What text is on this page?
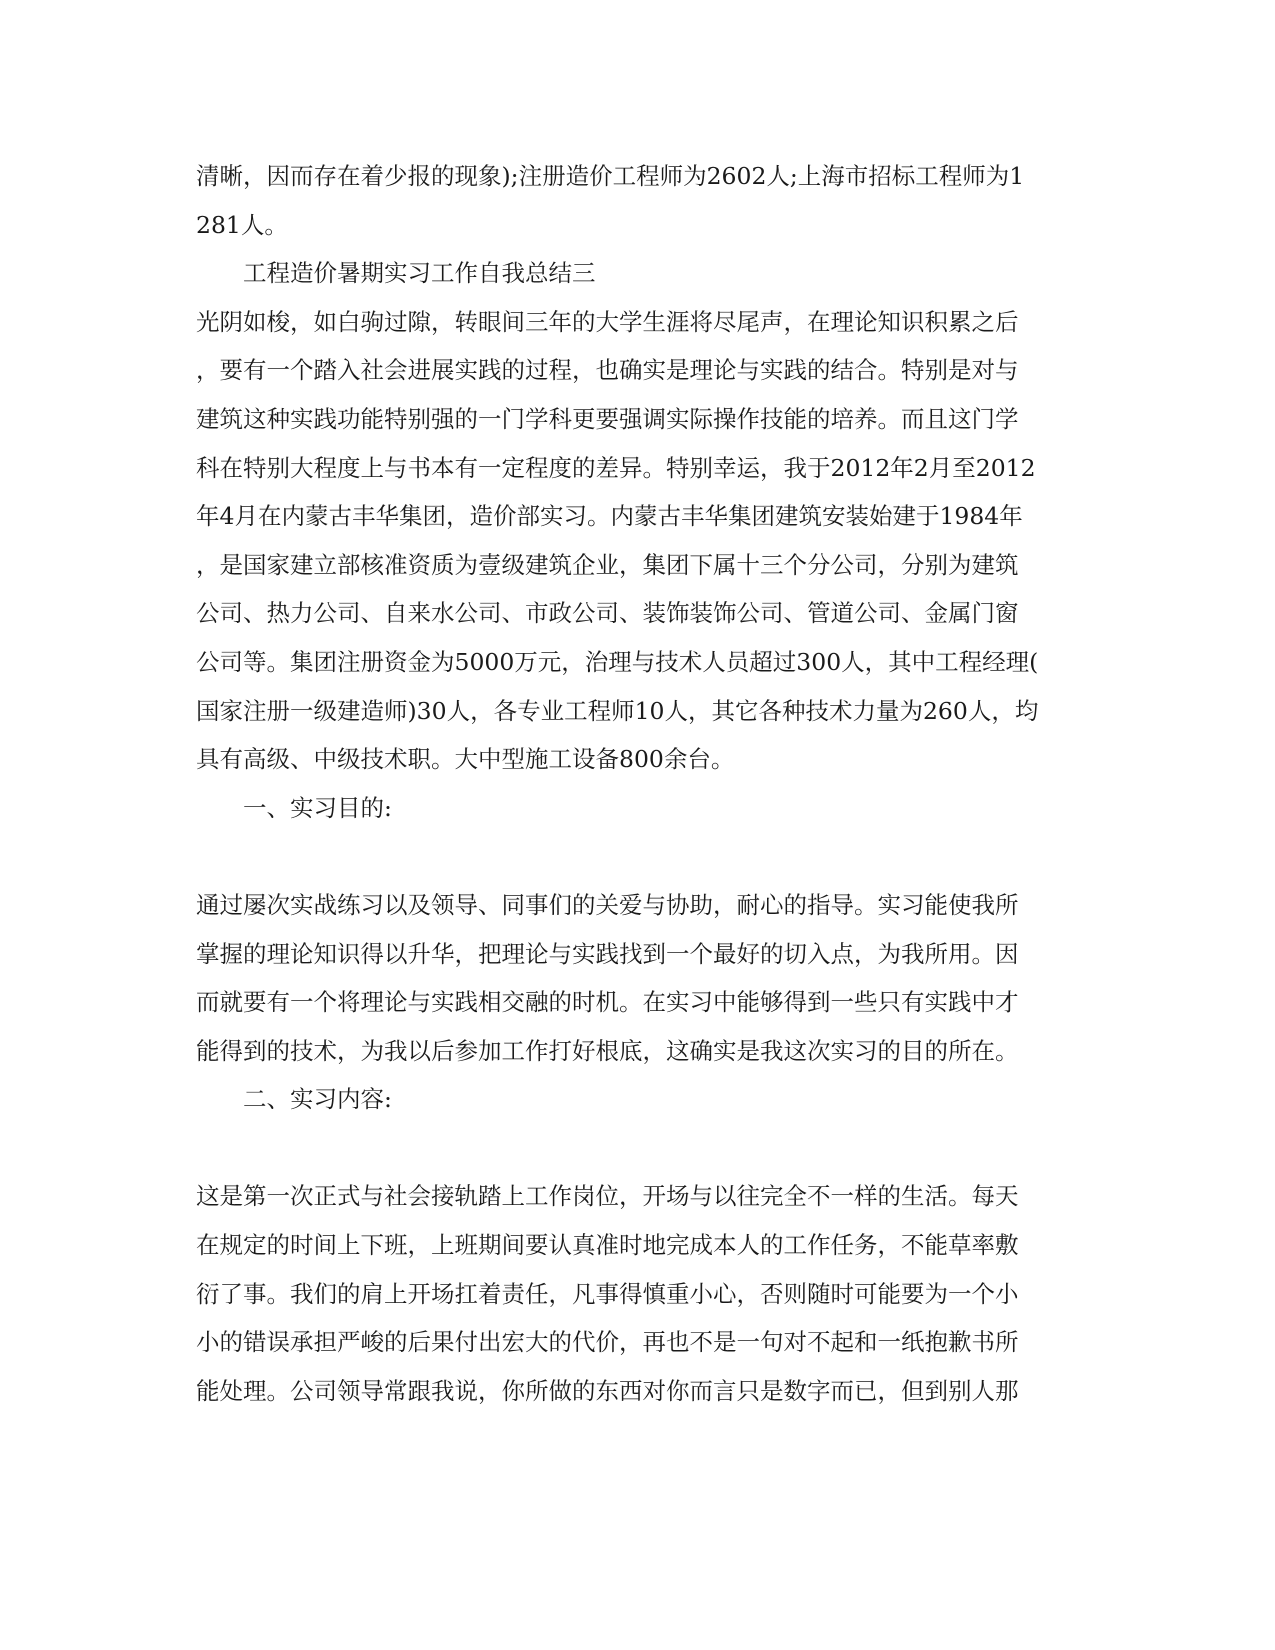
清晰，因而存在着少报的现象);注册造价工程师为2602人;上海市招标工程师为1
281人。
工程造价暑期实习工作自我总结三
光阴如梭，如白驹过隙，转眼间三年的大学生涯将尽尾声，在理论知识积累之后
，要有一个踏入社会进展实践的过程，也确实是理论与实践的结合。特别是对与
建筑这种实践功能特别强的一门学科更要强调实际操作技能的培养。而且这门学
科在特别大程度上与书本有一定程度的差异。特别幸运，我于2012年2月至2012
年4月在内蒙古丰华集团，造价部实习。内蒙古丰华集团建筑安装始建于1984年
，是国家建立部核准资质为壹级建筑企业，集团下属十三个分公司，分别为建筑
公司、热力公司、自来水公司、市政公司、装饰装饰公司、管道公司、金属门窗
公司等。集团注册资金为5000万元，治理与技术人员超过300人，其中工程经理(
国家注册一级建造师)30人，各专业工程师10人，其它各种技术力量为260人，均
具有高级、中级技术职。大中型施工设备800余台。
一、实习目的:
通过屡次实战练习以及领导、同事们的关爱与协助，耐心的指导。实习能使我所
掌握的理论知识得以升华，把理论与实践找到一个最好的切入点，为我所用。因
而就要有一个将理论与实践相交融的时机。在实习中能够得到一些只有实践中才
能得到的技术，为我以后参加工作打好根底，这确实是我这次实习的目的所在。
二、实习内容:
这是第一次正式与社会接轨踏上工作岗位，开场与以往完全不一样的生活。每天
在规定的时间上下班，上班期间要认真准时地完成本人的工作任务，不能草率敷
衍了事。我们的肩上开场扛着责任，凡事得慎重小心，否则随时可能要为一个小
小的错误承担严峻的后果付出宏大的代价，再也不是一句对不起和一纸抱歉书所
能处理。公司领导常跟我说，你所做的东西对你而言只是数字而已，但到别人那
